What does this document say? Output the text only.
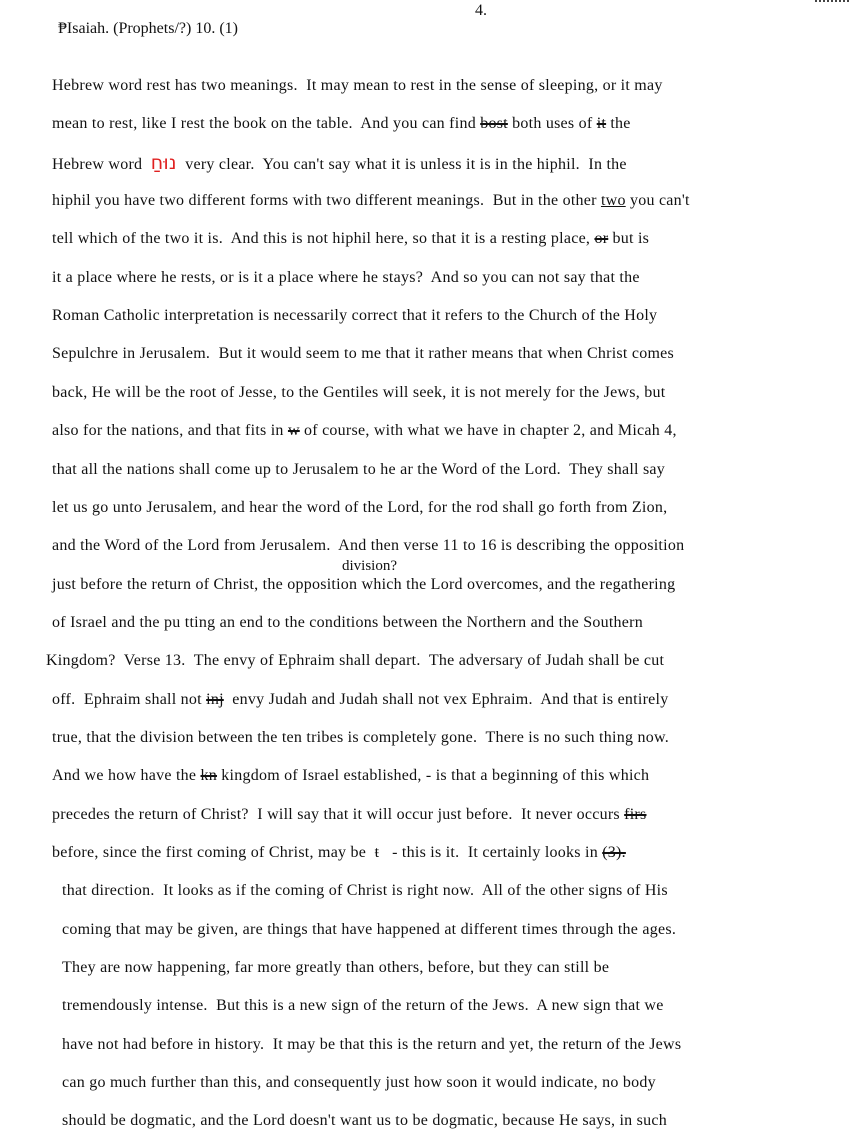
₱Isaiah. (Prophets/?) 10. (1)

4.
division?
Hebrew word rest has two meanings.  It may mean to rest in the sense of sleeping, or it may
mean to rest, like I rest the book on the table.  And you can find bost both uses of it the
Hebrew word  נוּחַ  very clear.  You can't say what it is unless it is in the hiphil.  In the
hiphil you have two different forms with two different meanings.  But in the other two you can't
tell which of the two it is.  And this is not hiphil here, so that it is a resting place, or but is
it a place where he rests, or is it a place where he stays?  And so you can not say that the
Roman Catholic interpretation is necessarily correct that it refers to the Church of the Holy
Sepulchre in Jerusalem.  But it would seem to me that it rather means that when Christ comes
back, He will be the root of Jesse, to the Gentiles will seek, it is not merely for the Jews, but
also for the nations, and that fits in w of course, with what we have in chapter 2, and Micah 4,
that all the nations shall come up to Jerusalem to he ar the Word of the Lord.  They shall say
let us go unto Jerusalem, and hear the word of the Lord, for the rod shall go forth from Zion,
and the Word of the Lord from Jerusalem.  And then verse 11 to 16 is describing the opposition
just before the return of Christ, the opposition which the Lord overcomes, and the regathering
of Israel and the pu tting an end to the conditions between the Northern and the Southern
Kingdom?  Verse 13.  The envy of Ephraim shall depart.  The adversary of Judah shall be cut
off.  Ephraim shall not inj  envy Judah and Judah shall not vex Ephraim.  And that is entirely
true, that the division between the ten tribes is completely gone.  There is no such thing now.
And we how have the kn kingdom of Israel established, - is that a beginning of this which
precedes the return of Christ?  I will say that it will occur just before.  It never occurs firs
before, since the first coming of Christ, may be  ŧ   - this is it.  It certainly looks in (3).
that direction.  It looks as if the coming of Christ is right now.  All of the other signs of His
coming that may be given, are things that have happened at different times through the ages.
They are now happening, far more greatly than others, before, but they can still be
tremendously intense.  But this is a new sign of the return of the Jews.  A new sign that we
have not had before in history.  It may be that this is the return and yet, the return of the Jews
can go much further than this, and consequently just how soon it would indicate, no body
should be dogmatic, and the Lord doesn't want us to be dogmatic, because He says, in such
